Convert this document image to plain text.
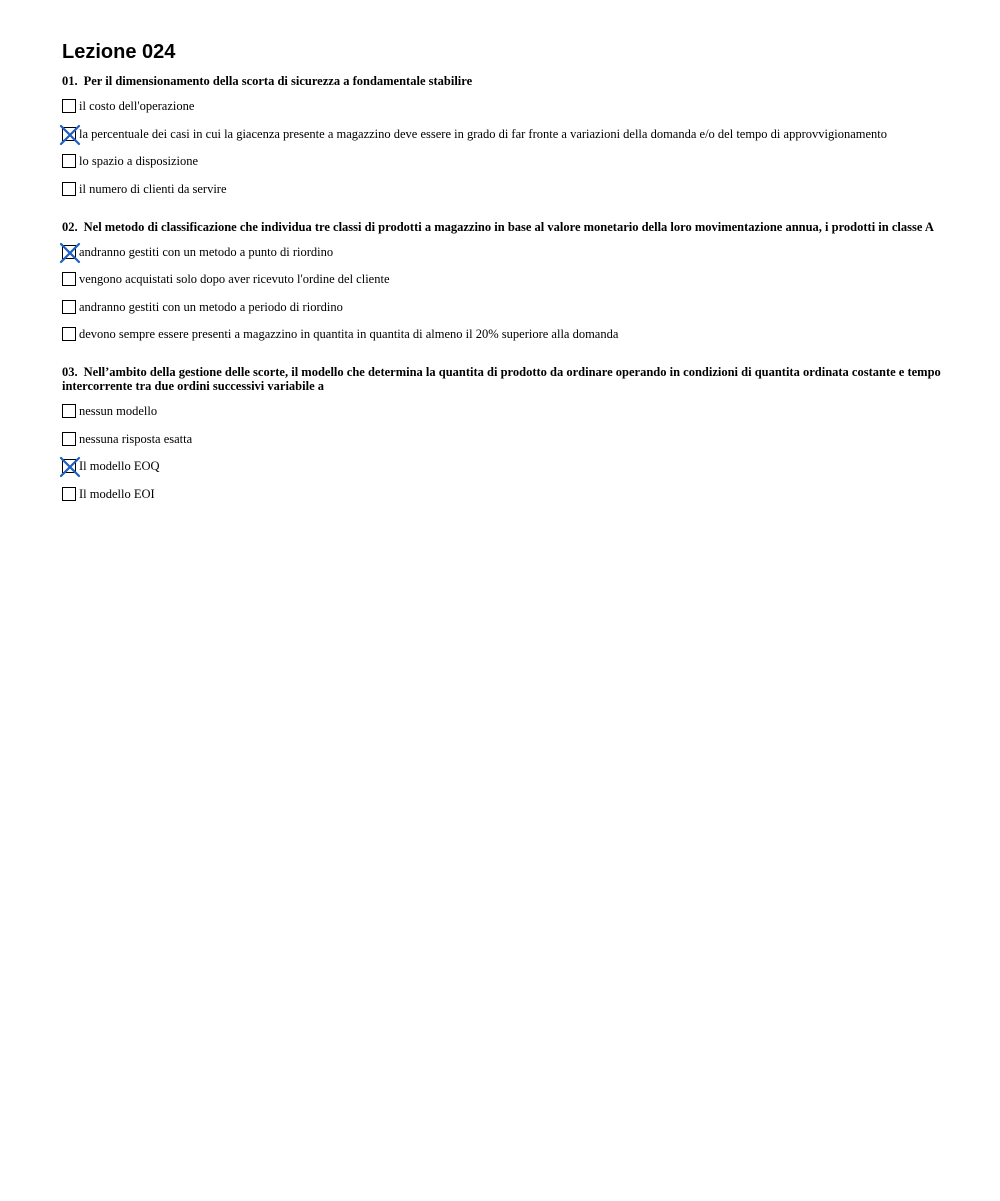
Lezione 024
01. Per il dimensionamento della scorta di sicurezza a fondamentale stabilire
il costo dell'operazione
la percentuale dei casi in cui la giacenza presente a magazzino deve essere in grado di far fronte a variazioni della domanda e/o del tempo di approvvigionamento
lo spazio a disposizione
il numero di clienti da servire
02. Nel metodo di classificazione che individua tre classi di prodotti a magazzino in base al valore monetario della loro movimentazione annua, i prodotti in classe A
andranno gestiti con un metodo a punto di riordino
vengono acquistati solo dopo aver ricevuto l'ordine del cliente
andranno gestiti con un metodo a periodo di riordino
devono sempre essere presenti a magazzino in quantita in quantita di almeno il 20% superiore alla domanda
03. Nell’ambito della gestione delle scorte, il modello che determina la quantita di prodotto da ordinare operando in condizioni di quantita ordinata costante e tempo intercorrente tra due ordini successivi variabile a
nessun modello
nessuna risposta esatta
Il modello EOQ
Il modello EOI
